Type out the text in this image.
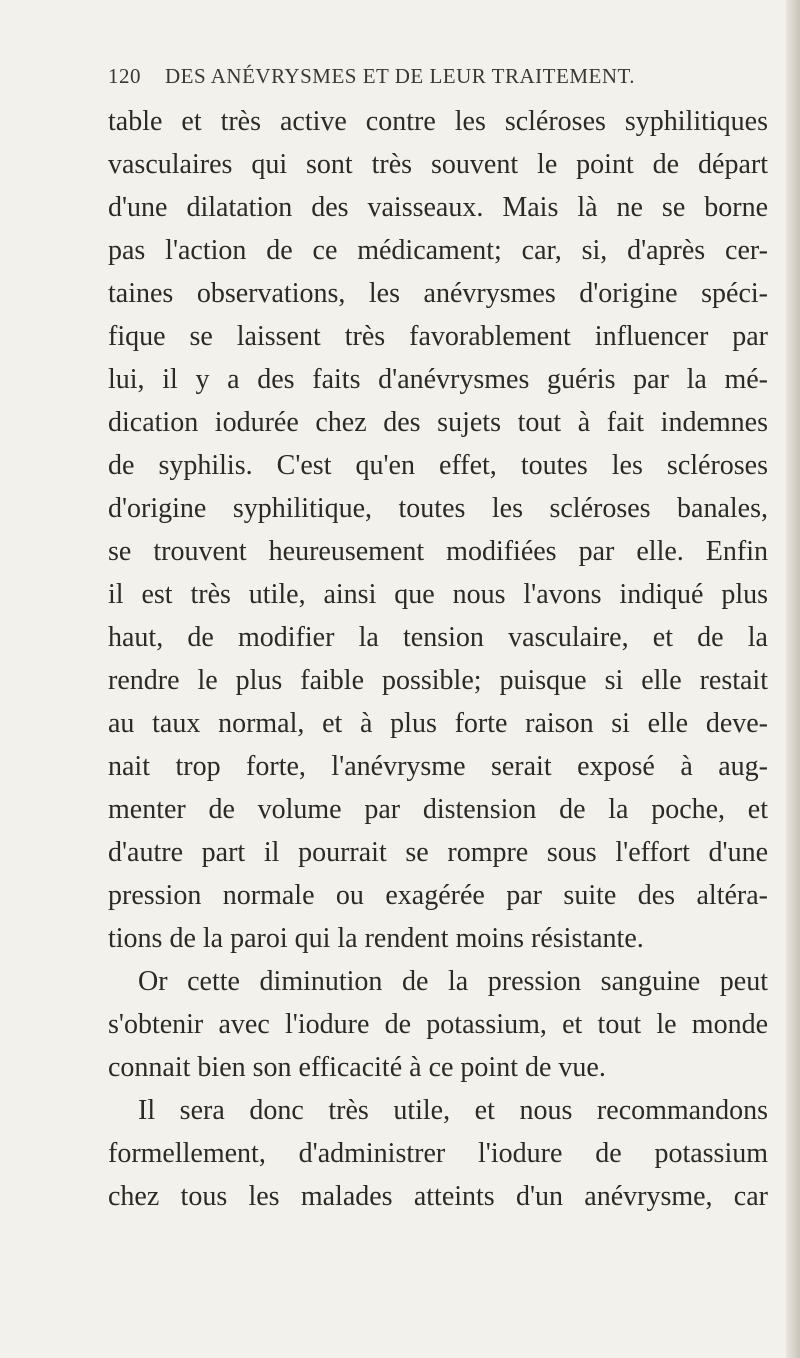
120 DES ANÉVRYSMES ET DE LEUR TRAITEMENT.
table et très active contre les scléroses syphilitiques
vasculaires qui sont très souvent le point de départ
d'une dilatation des vaisseaux. Mais là ne se borne
pas l'action de ce médicament; car, si, d'après cer-
taines observations, les anévrysmes d'origine spéci-
fique se laissent très favorablement influencer par
lui, il y a des faits d'anévrysmes guéris par la mé-
dication iodurée chez des sujets tout à fait indemnes
de syphilis. C'est qu'en effet, toutes les scléroses
d'origine syphilitique, toutes les scléroses banales,
se trouvent heureusement modifiées par elle. Enfin
il est très utile, ainsi que nous l'avons indiqué plus
haut, de modifier la tension vasculaire, et de la
rendre le plus faible possible; puisque si elle restait
au taux normal, et à plus forte raison si elle deve-
nait trop forte, l'anévrysme serait exposé à aug-
menter de volume par distension de la poche, et
d'autre part il pourrait se rompre sous l'effort d'une
pression normale ou exagérée par suite des altéra-
tions de la paroi qui la rendent moins résistante.
Or cette diminution de la pression sanguine peut
s'obtenir avec l'iodure de potassium, et tout le monde
connait bien son efficacité à ce point de vue.
Il sera donc très utile, et nous recommandons
formellement, d'administrer l'iodure de potassium
chez tous les malades atteints d'un anévrysme, car
